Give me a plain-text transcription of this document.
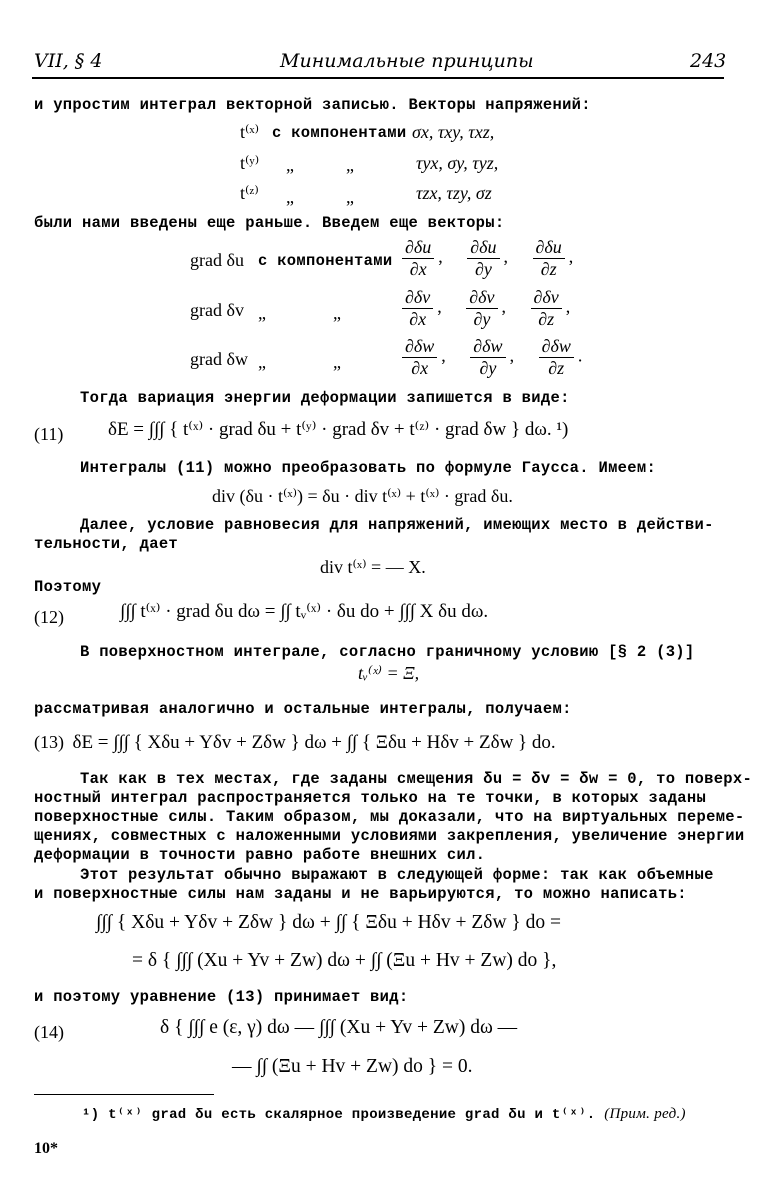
VII, § 4	Минимальные принципы	243
и упростим интеграл векторной записью. Векторы напряжений:
t⁽ˣ⁾ с компонентами σx, τxy, τxz,
t⁽ʸ⁾ „	„	τyx, σy, τyz,
t⁽ᶻ⁾ „	„	τzx, τzy, σz
были нами введены еще раньше. Введем еще векторы:
grad δu с компонентами $\frac{\partial\delta u}{\partial x}$ , $\frac{\partial\delta u}{\partial y}$ , $\frac{\partial\delta u}{\partial z}$ ,
grad δv „	„	$\frac{\partial\delta v}{\partial x}$ , $\frac{\partial\delta v}{\partial y}$ , $\frac{\partial\delta v}{\partial z}$ ,
grad δw „	„	$\frac{\partial\delta w}{\partial x}$ , $\frac{\partial\delta w}{\partial y}$ , $\frac{\partial\delta w}{\partial z}$ .
Тогда вариация энергии деформации запишется в виде:
(11) δE = ∫∫∫ { t⁽ˣ⁾ · grad δu + t⁽ʸ⁾ · grad δv + t⁽ᶻ⁾ · grad δw } dω. ¹)
Интегралы (11) можно преобразовать по формуле Гаусса. Имеем:
div (δu · t⁽ˣ⁾) = δu · div t⁽ˣ⁾ + t⁽ˣ⁾ · grad δu.
Далее, условие равновесия для напряжений, имеющих место в действи-
тельности, дает
div t⁽ˣ⁾ = — X.
Поэтому
(12)	∫∫∫ t⁽ˣ⁾ · grad δu dω = ∫∫ tᵥ⁽ˣ⁾ · δu do + ∫∫∫ X δu dω.
В поверхностном интеграле, согласно граничному условию [§ 2 (3)]
tᵥ⁽ˣ⁾ = Ξ,
рассматривая аналогично и остальные интегралы, получаем:
(13) δE = ∫∫∫ { Xδu + Yδv + Zδw } dω + ∫∫ { Ξδu + Hδv + Zδw } do.
Так как в тех местах, где заданы смещения δu = δv = δw = 0, то поверх-
ностный интеграл распространяется только на те точки, в которых заданы
поверхностные силы. Таким образом, мы доказали, что на виртуальных переме-
щениях, совместных с наложенными условиями закрепления, увеличение энергии
деформации в точности равно работе внешних сил.
Этот результат обычно выражают в следующей форме: так как объемные
и поверхностные силы нам заданы и не варьируются, то можно написать:
∫∫∫ { Xδu + Yδv + Zδw } dω + ∫∫ { Ξδu + Hδv + Zδw } do =
= δ { ∫∫∫ (Xu + Yv + Zw) dω + ∫∫ (Ξu + Hv + Zw) do },
и поэтому уравнение (13) принимает вид:
(14)	δ { ∫∫∫ e (ε, γ) dω — ∫∫∫ (Xu + Yv + Zw) dω —
— ∫∫ (Ξu + Hv + Zw) do } = 0.
¹) t⁽ˣ⁾ grad δu есть скалярное произведение grad δu и t⁽ˣ⁾. (Прим. ред.)
10*
